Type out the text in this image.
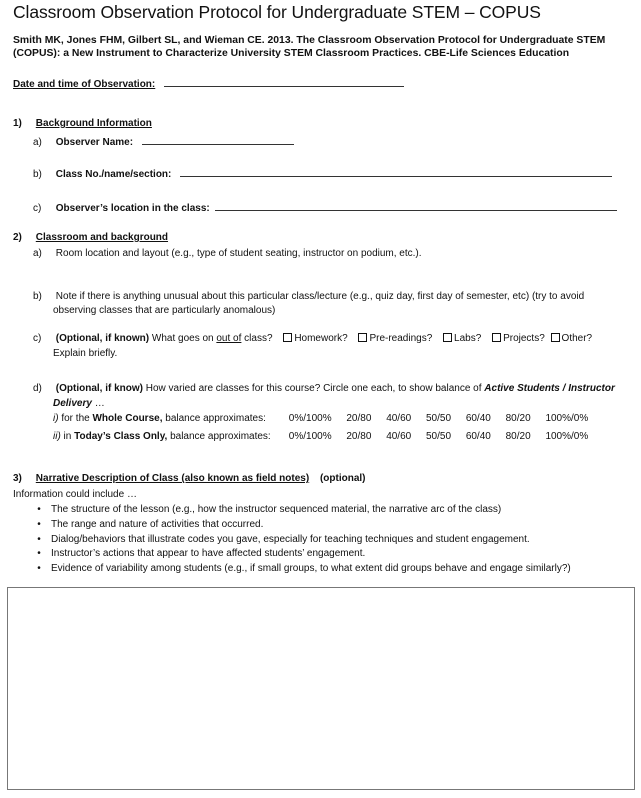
Classroom Observation Protocol for Undergraduate STEM – COPUS
Smith MK, Jones FHM, Gilbert SL, and Wieman CE. 2013. The Classroom Observation Protocol for Undergraduate STEM (COPUS): a New Instrument to Characterize University STEM Classroom Practices. CBE-Life Sciences Education
Date and time of Observation:
1) Background Information
a) Observer Name:
b) Class No./name/section:
c) Observer’s location in the class:
2) Classroom and background
a) Room location and layout (e.g., type of student seating, instructor on podium, etc.).
b) Note if there is anything unusual about this particular class/lecture (e.g., quiz day, first day of semester, etc) (try to avoid
observing classes that are particularly anomalous)
c) (Optional, if known) What goes on out of class? Homework? Pre-readings? Labs? Projects? Other?
Explain briefly.
d) (Optional, if know) How varied are classes for this course? Circle one each, to show balance of Active Students / Instructor
Delivery …
i) for the Whole Course, balance approximates: 0%/100% 20/80 40/60 50/50 60/40 80/20 100%/0%
ii) in Today’s Class Only, balance approximates: 0%/100% 20/80 40/60 50/50 60/40 80/20 100%/0%
3) Narrative Description of Class (also known as field notes) (optional)
Information could include …
• The structure of the lesson (e.g., how the instructor sequenced material, the narrative arc of the class)
• The range and nature of activities that occurred.
• Dialog/behaviors that illustrate codes you gave, especially for teaching techniques and student engagement.
• Instructor’s actions that appear to have affected students’ engagement.
• Evidence of variability among students (e.g., if small groups, to what extent did groups behave and engage similarly?)
